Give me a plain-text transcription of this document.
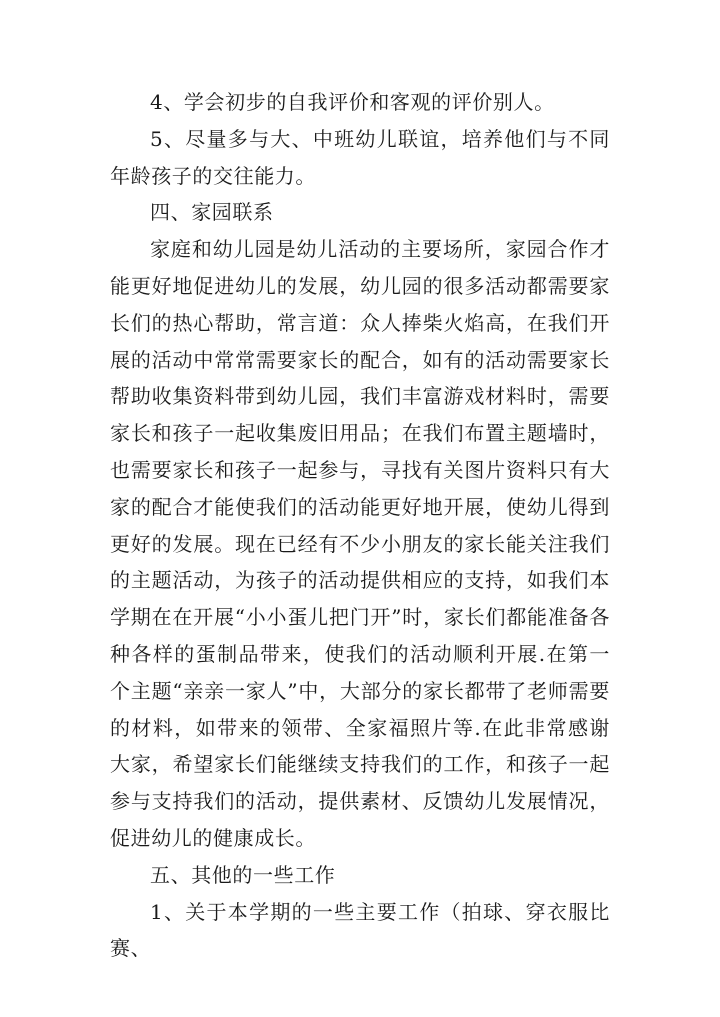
4、学会初步的自我评价和客观的评价别人。

5、尽量多与大、中班幼儿联谊，培养他们与不同年龄孩子的交往能力。

四、家园联系

家庭和幼儿园是幼儿活动的主要场所，家园合作才能更好地促进幼儿的发展，幼儿园的很多活动都需要家长们的热心帮助，常言道：众人捧柴火焰高，在我们开展的活动中常常需要家长的配合，如有的活动需要家长帮助收集资料带到幼儿园，我们丰富游戏材料时，需要家长和孩子一起收集废旧用品；在我们布置主题墙时，也需要家长和孩子一起参与，寻找有关图片资料只有大家的配合才能使我们的活动能更好地开展，使幼儿得到更好的发展。现在已经有不少小朋友的家长能关注我们的主题活动，为孩子的活动提供相应的支持，如我们本学期在在开展“小小蛋儿把门开”时，家长们都能准备各种各样的蛋制品带来，使我们的活动顺利开展.在第一个主题“亲亲一家人”中，大部分的家长都带了老师需要的材料，如带来的领带、全家福照片等.在此非常感谢大家，希望家长们能继续支持我们的工作，和孩子一起参与支持我们的活动，提供素材、反馈幼儿发展情况，促进幼儿的健康成长。

五、其他的一些工作

1、关于本学期的一些主要工作（拍球、穿衣服比赛、
